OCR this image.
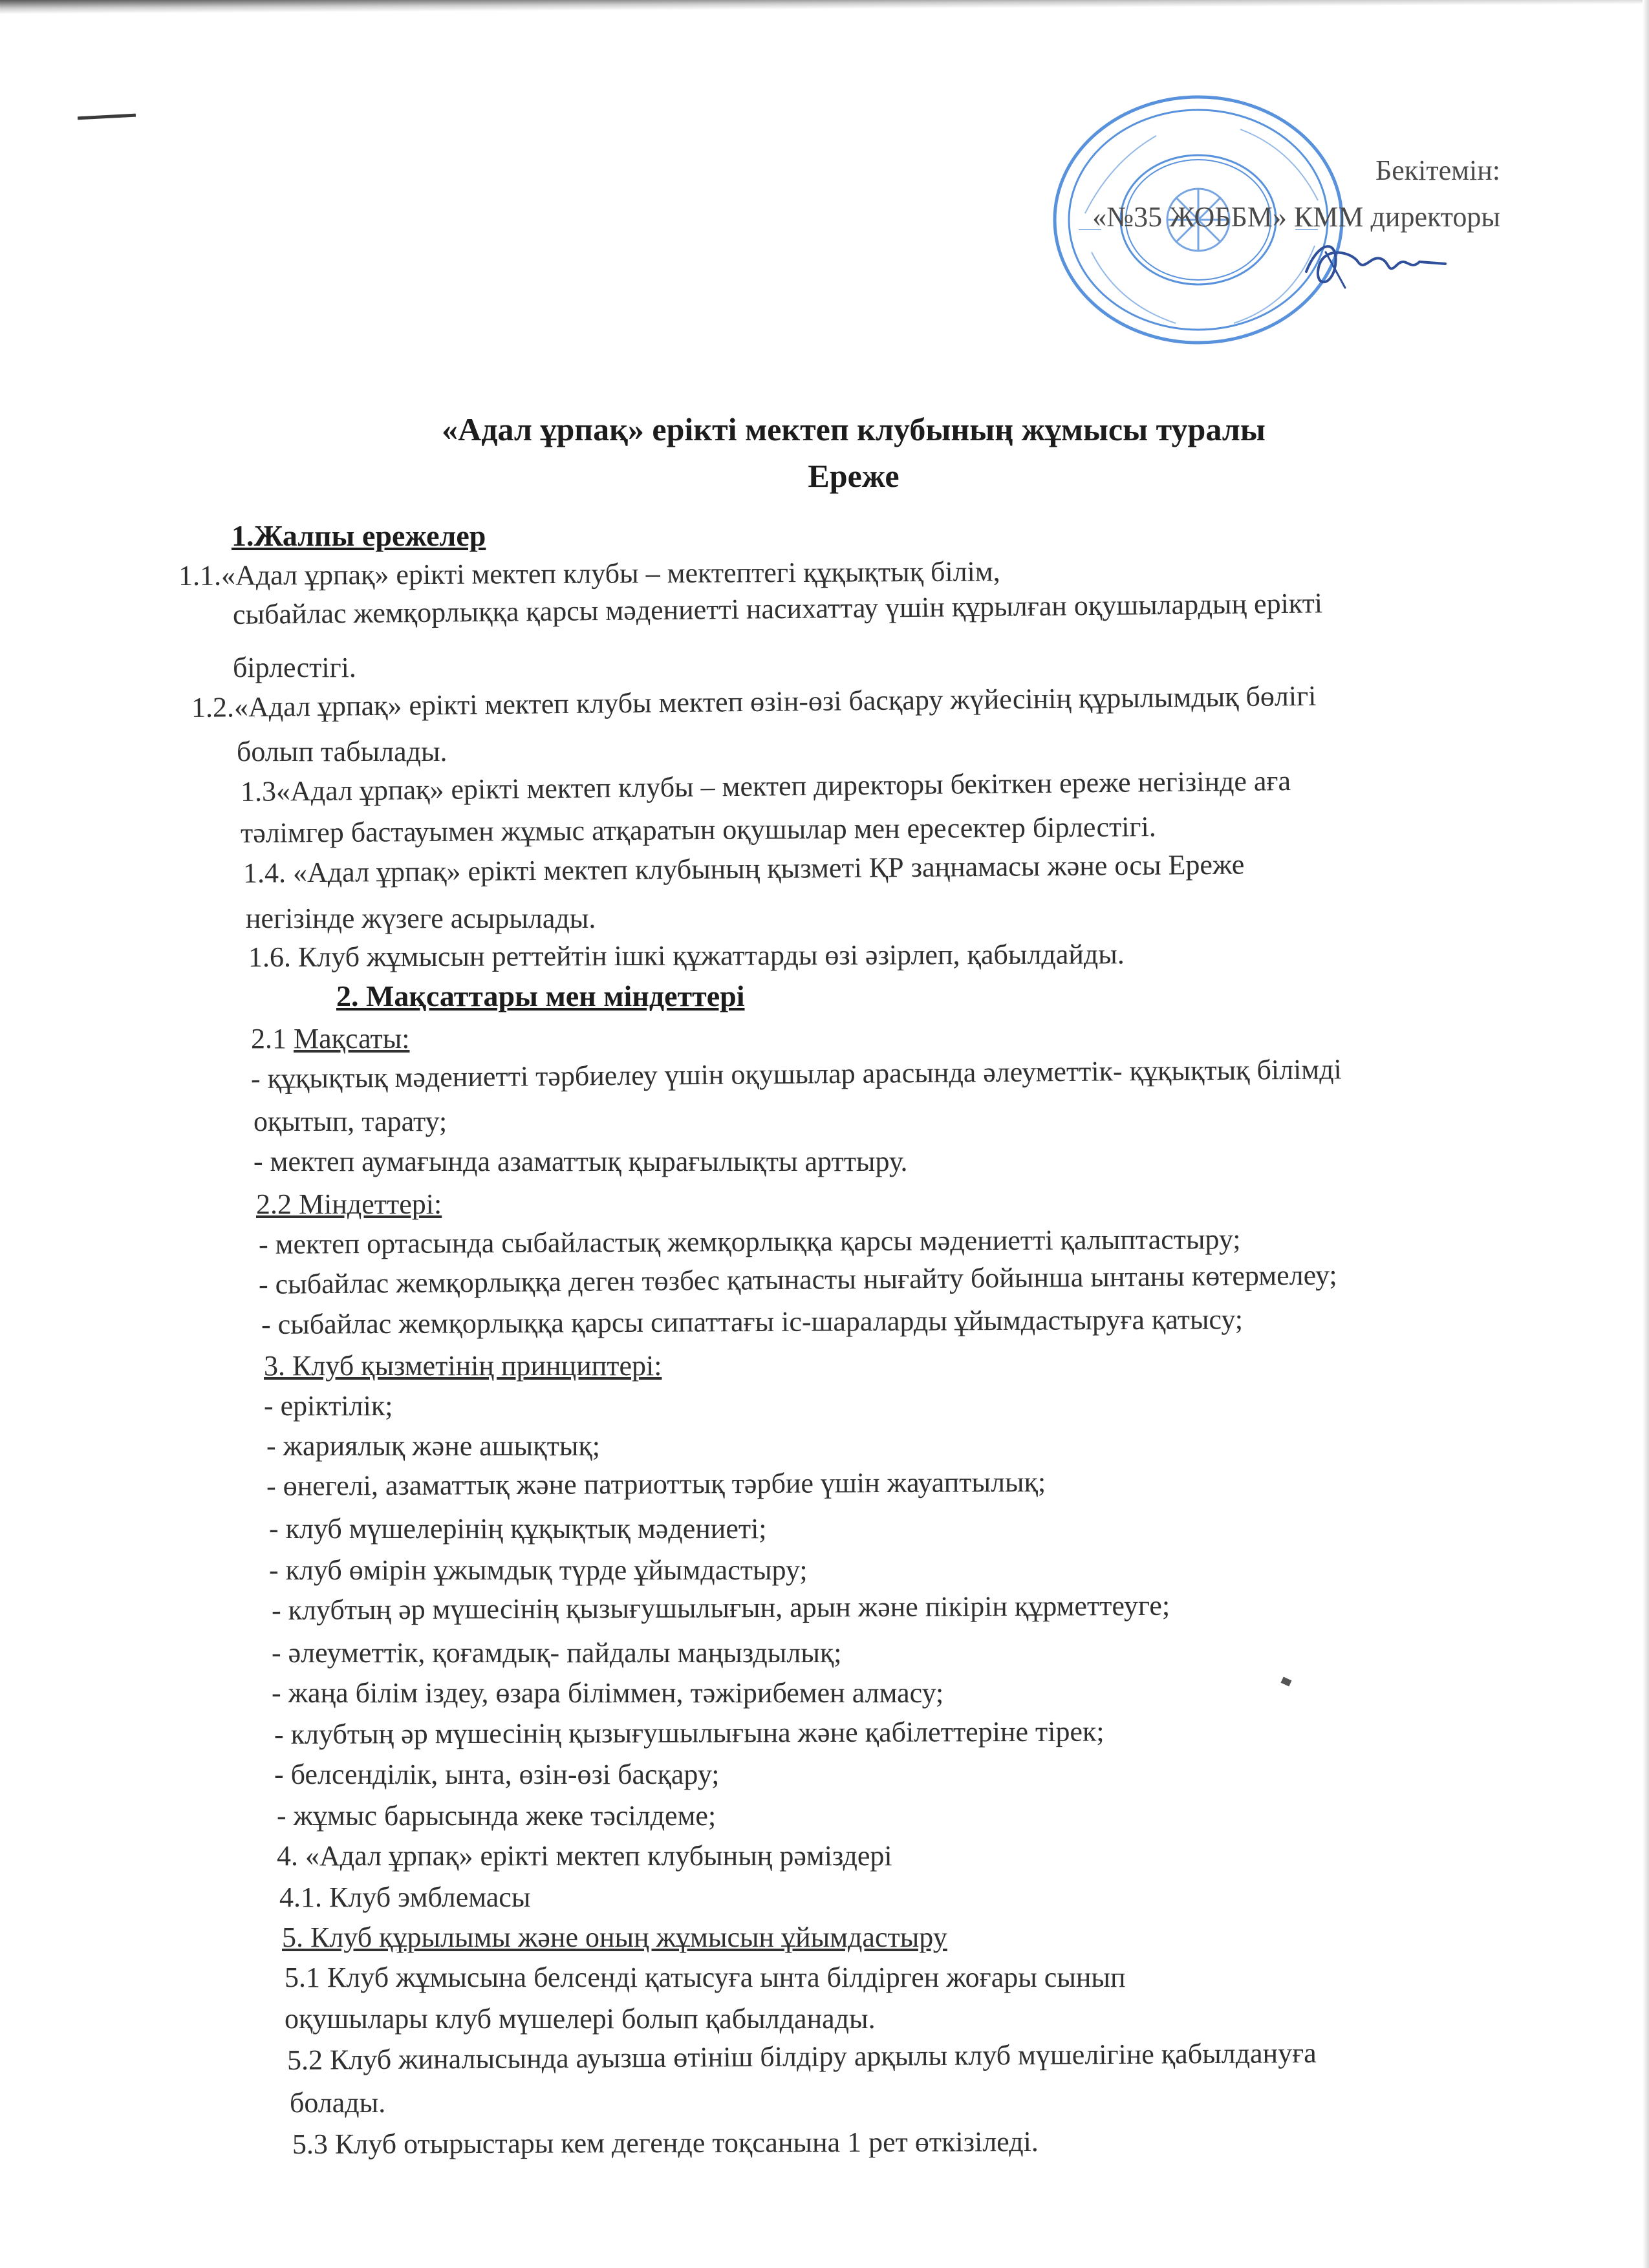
Бекітемін:
«№35 ЖОББМ» КММ директоры
«Адал ұрпақ» ерікті мектеп клубының жұмысы туралы
Ереже
1.Жалпы ережелер
1.1.«Адал ұрпақ» ерікті мектеп клубы – мектептегі құқықтық білім,
сыбайлас жемқорлыққа қарсы мәдениетті насихаттау үшін құрылған оқушылардың ерікті
бірлестігі.
1.2.«Адал ұрпақ» ерікті мектеп клубы мектеп өзін-өзі басқару жүйесінің құрылымдық бөлігі
болып табылады.
1.3«Адал ұрпақ» ерікті мектеп клубы – мектеп директоры бекіткен ереже негізінде аға
тәлімгер бастауымен жұмыс атқаратын оқушылар мен ересектер бірлестігі.
1.4. «Адал ұрпақ» ерікті мектеп клубының қызметі ҚР заңнамасы және осы Ереже
негізінде жүзеге асырылады.
1.6. Клуб жұмысын реттейтін ішкі құжаттарды өзі әзірлеп, қабылдайды.
2. Мақсаттары мен міндеттері
2.1 Мақсаты:
- құқықтық мәдениетті тәрбиелеу үшін оқушылар арасында әлеуметтік- құқықтық білімді
оқытып, тарату;
- мектеп аумағында азаматтық қырағылықты арттыру.
2.2 Міндеттері:
- мектеп ортасында сыбайластық жемқорлыққа қарсы мәдениетті қалыптастыру;
- сыбайлас жемқорлыққа деген төзбес қатынасты нығайту бойынша ынтаны көтермелеу;
- сыбайлас жемқорлыққа қарсы сипаттағы іс-шараларды ұйымдастыруға қатысу;
3. Клуб қызметінің принциптері:
- еріктілік;
- жариялық және ашықтық;
- өнегелі, азаматтық және патриоттық тәрбие үшін жауаптылық;
- клуб мүшелерінің құқықтық мәдениеті;
- клуб өмірін ұжымдық түрде ұйымдастыру;
- клубтың әр мүшесінің қызығушылығын, арын және пікірін құрметтеуге;
- әлеуметтік, қоғамдық- пайдалы маңыздылық;
- жаңа білім іздеу, өзара біліммен, тәжірибемен алмасу;
- клубтың әр мүшесінің қызығушылығына және қабілеттеріне тірек;
- белсенділік, ынта, өзін-өзі басқару;
- жұмыс барысында жеке тәсілдеме;
4. «Адал ұрпақ» ерікті мектеп клубының рәміздері
4.1. Клуб эмблемасы
5. Клуб құрылымы және оның жұмысын ұйымдастыру
5.1 Клуб жұмысына белсенді қатысуға ынта білдірген жоғары сынып
оқушылары клуб мүшелері болып қабылданады.
5.2 Клуб жиналысында ауызша өтініш білдіру арқылы клуб мүшелігіне қабылдануға
болады.
5.3 Клуб отырыстары кем дегенде тоқсанына 1 рет өткізіледі.
